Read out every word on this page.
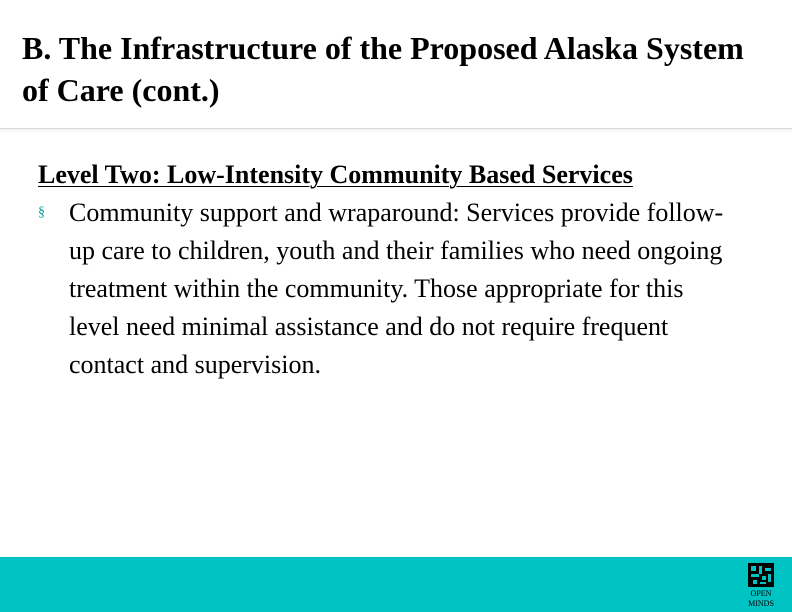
B. The Infrastructure of the Proposed Alaska System of Care (cont.)

Level Two: Low-Intensity Community Based Services

§ Community support and wraparound: Services provide follow-up care to children, youth and their families who need ongoing treatment within the community. Those appropriate for this level need minimal assistance and do not require frequent contact and supervision.

OPEN
MINDS
